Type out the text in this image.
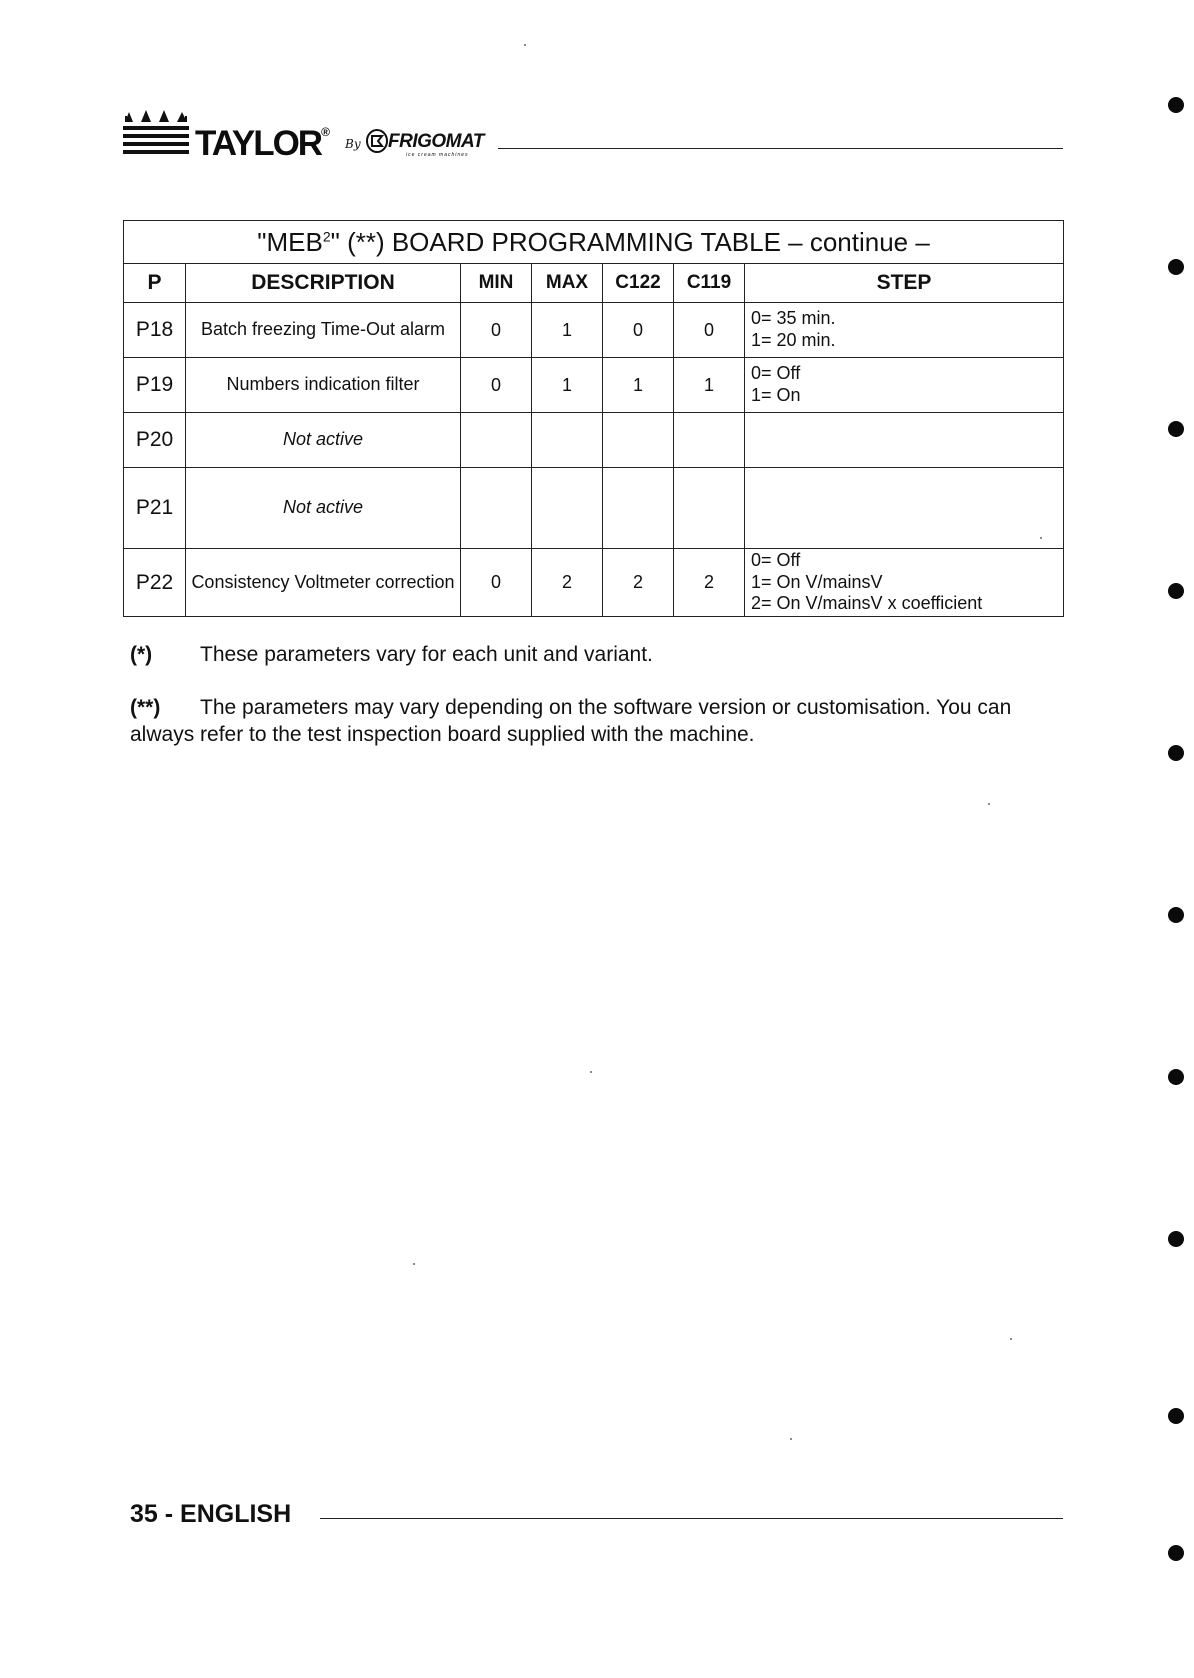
TAYLOR®
By FRIGOMAT
ice cream machines
"MEB$^2$" (**) BOARD PROGRAMMING TABLE – continue –						
P	DESCRIPTION	MIN	MAX	C122	C119	STEP
P18	Batch freezing Time-Out alarm	0	1	0	0	0= 35 min.
1= 20 min.

P19	Numbers indication filter	0	1	1	1	0= Off
1= On

P20	Not active					
P21	Not active					
P22	Consistency Voltmeter correction	0	2	2	2	0= Off
1= On V/mainsV
2= On V/mainsV x coefficient
(*) These parameters vary for each unit and variant.
(**) The parameters may vary depending on the software version or customisation. You can always refer to the test inspection board supplied with the machine.
35 - ENGLISH
